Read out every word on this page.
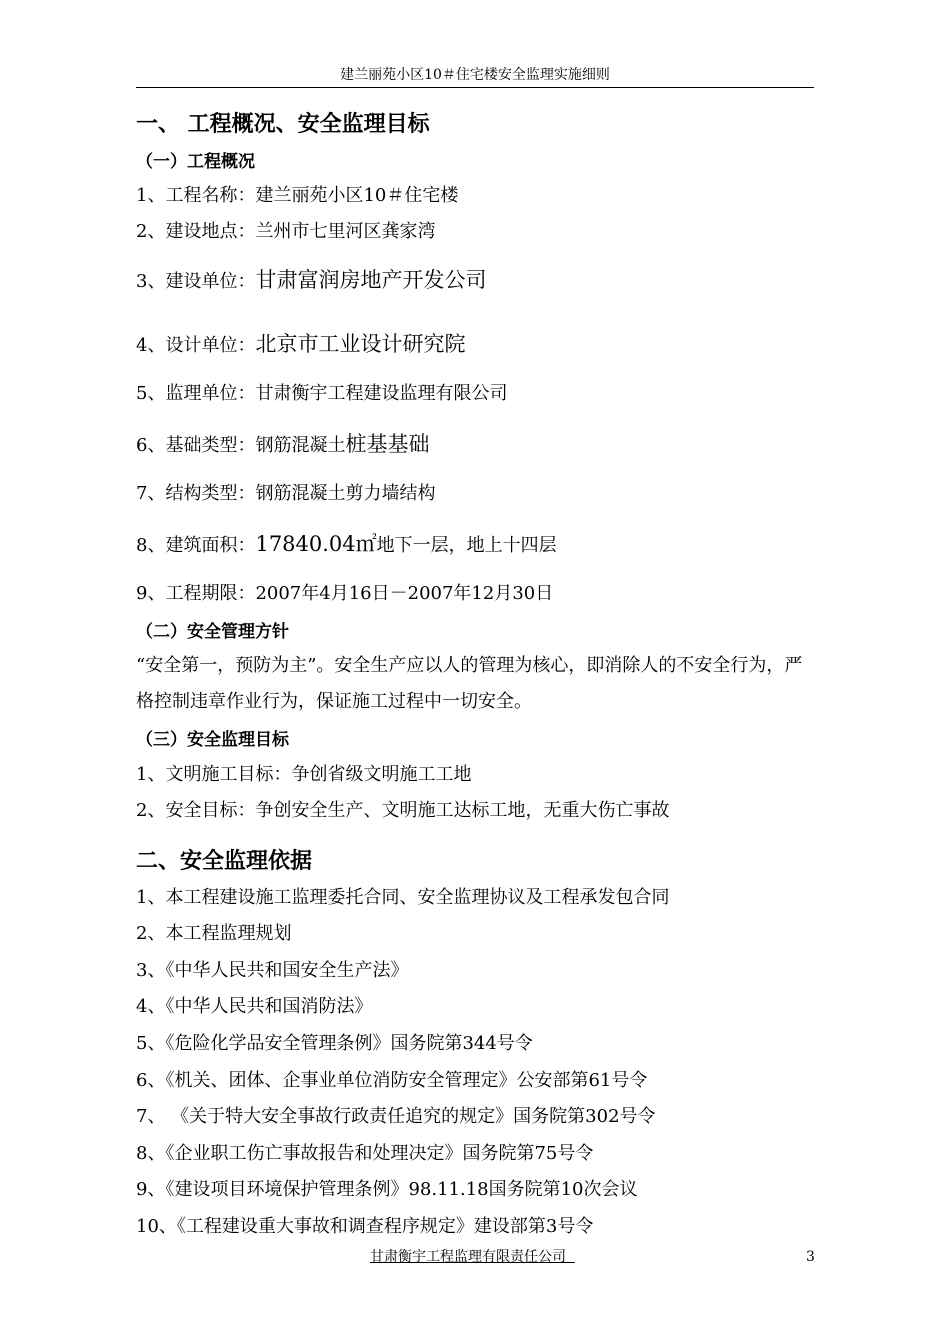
建兰丽苑小区10＃住宅楼安全监理实施细则
一、 工程概况、安全监理目标
（一）工程概况
1、工程名称：建兰丽苑小区10＃住宅楼
2、建设地点：兰州市七里河区龚家湾
3、建设单位：甘肃富润房地产开发公司
4、设计单位：北京市工业设计研究院
5、监理单位：甘肃衡宇工程建设监理有限公司
6、基础类型：钢筋混凝土桩基基础
7、结构类型：钢筋混凝土剪力墙结构
8、建筑面积：17840.04㎡地下一层，地上十四层
9、工程期限：2007年4月16日－2007年12月30日
（二）安全管理方针
“安全第一，预防为主”。安全生产应以人的管理为核心，即消除人的不安全行为，严格控制违章作业行为，保证施工过程中一切安全。
（三）安全监理目标
1、文明施工目标：争创省级文明施工工地
2、安全目标：争创安全生产、文明施工达标工地，无重大伤亡事故
二、安全监理依据
1、本工程建设施工监理委托合同、安全监理协议及工程承发包合同
2、本工程监理规划
3、《中华人民共和国安全生产法》
4、《中华人民共和国消防法》
5、《危险化学品安全管理条例》国务院第344号令
6、《机关、团体、企事业单位消防安全管理定》公安部第61号令
7、 《关于特大安全事故行政责任追究的规定》国务院第302号令
8、《企业职工伤亡事故报告和处理决定》国务院第75号令
9、《建设项目环境保护管理条例》98.11.18国务院第10次会议
10、《工程建设重大事故和调查程序规定》建设部第3号令
甘肃衡宇工程监理有限责任公司	3
